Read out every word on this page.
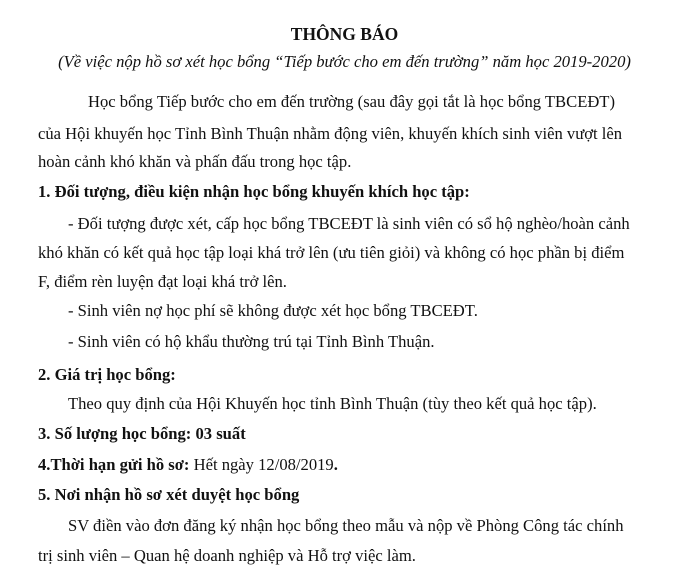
THÔNG BÁO
(Về việc nộp hồ sơ xét học bổng “Tiếp bước cho em đến trường” năm học 2019-2020)
Học bổng Tiếp bước cho em đến trường (sau đây gọi tắt là học bổng TBCEĐT)
của Hội khuyến học Tỉnh Bình Thuận nhằm động viên, khuyến khích sinh viên vượt lên
hoàn cảnh khó khăn và phấn đấu trong học tập.
1. Đối tượng, điều kiện nhận học bổng khuyến khích học tập:
- Đối tượng được xét, cấp học bổng TBCEĐT là sinh viên có sổ hộ nghèo/hoàn cảnh
khó khăn có kết quả học tập loại khá trở lên (ưu tiên giỏi) và không có học phần bị điểm
F, điểm rèn luyện đạt loại khá trở lên.
- Sinh viên nợ học phí sẽ không được xét học bổng TBCEĐT.
- Sinh viên có hộ khẩu thường trú tại Tỉnh Bình Thuận.
2. Giá trị học bổng:
Theo quy định của Hội Khuyến học tỉnh Bình Thuận (tùy theo kết quả học tập).
3. Số lượng học bổng: 03 suất
4.Thời hạn gửi hồ sơ: Hết ngày 12/08/2019.
5. Nơi nhận hồ sơ xét duyệt học bổng
SV điền vào đơn đăng ký nhận học bổng theo mẫu và nộp về Phòng Công tác chính
trị sinh viên – Quan hệ doanh nghiệp và Hỗ trợ việc làm.
